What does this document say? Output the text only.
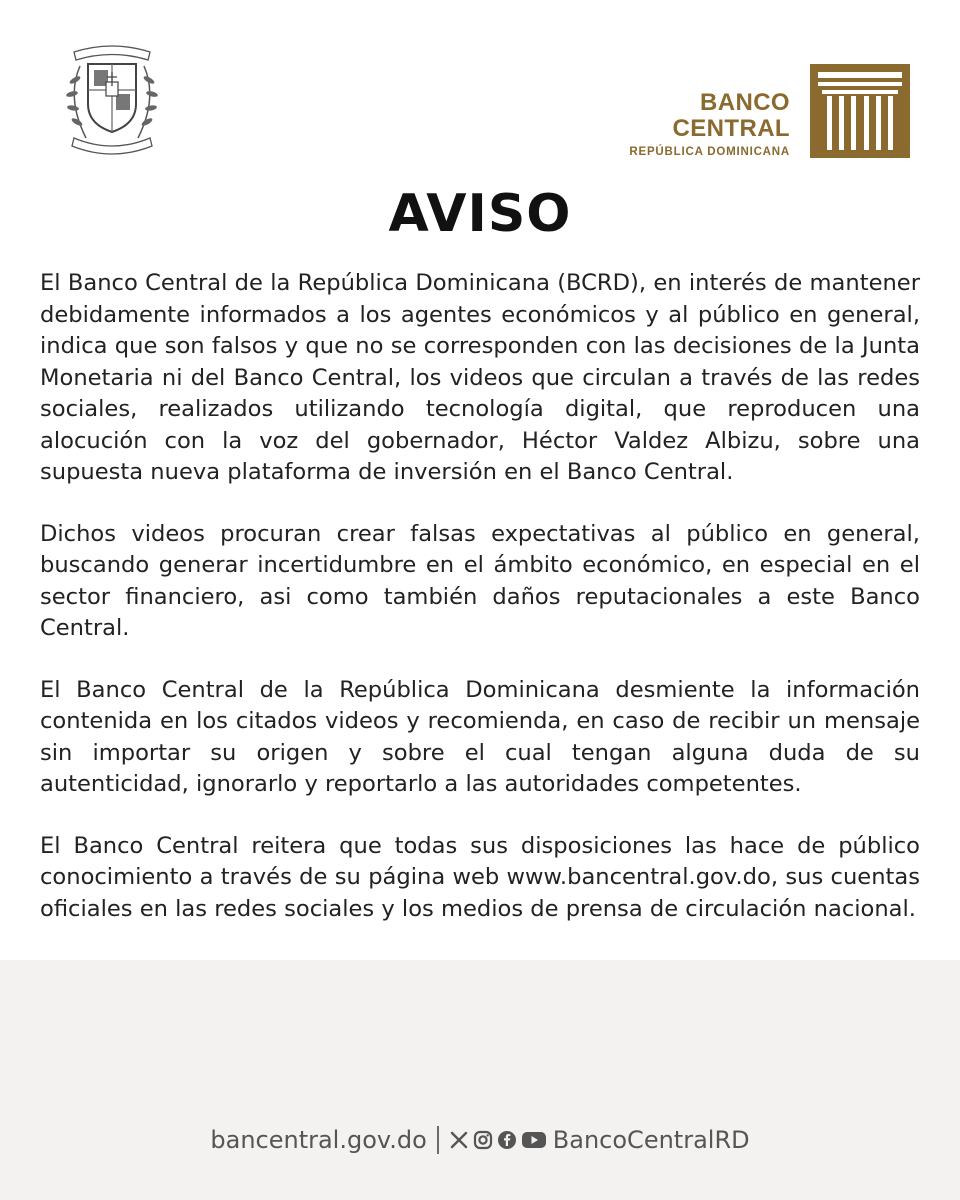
BANCO CENTRAL
REPÚBLICA DOMINICANA
AVISO

El Banco Central de la República Dominicana (BCRD), en interés de mantener debidamente informados a los agentes económicos y al público en general, indica que son falsos y que no se corresponden con las decisiones de la Junta Monetaria ni del Banco Central, los videos que circulan a través de las redes sociales, realizados utilizando tecnología digital, que reproducen una alocución con la voz del gobernador, Héctor Valdez Albizu, sobre una supuesta nueva plataforma de inversión en el Banco Central.

Dichos videos procuran crear falsas expectativas al público en general, buscando generar incertidumbre en el ámbito económico, en especial en el sector financiero, asi como también daños reputacionales a este Banco Central.

El Banco Central de la República Dominicana desmiente la información contenida en los citados videos y recomienda, en caso de recibir un mensaje sin importar su origen y sobre el cual tengan alguna duda de su autenticidad, ignorarlo y reportarlo a las autoridades competentes.

El Banco Central reitera que todas sus disposiciones las hace de público conocimiento a través de su página web www.bancentral.gov.do, sus cuentas oficiales en las redes sociales y los medios de prensa de circulación nacional.

bancentral.gov.do	BancoCentralRD
